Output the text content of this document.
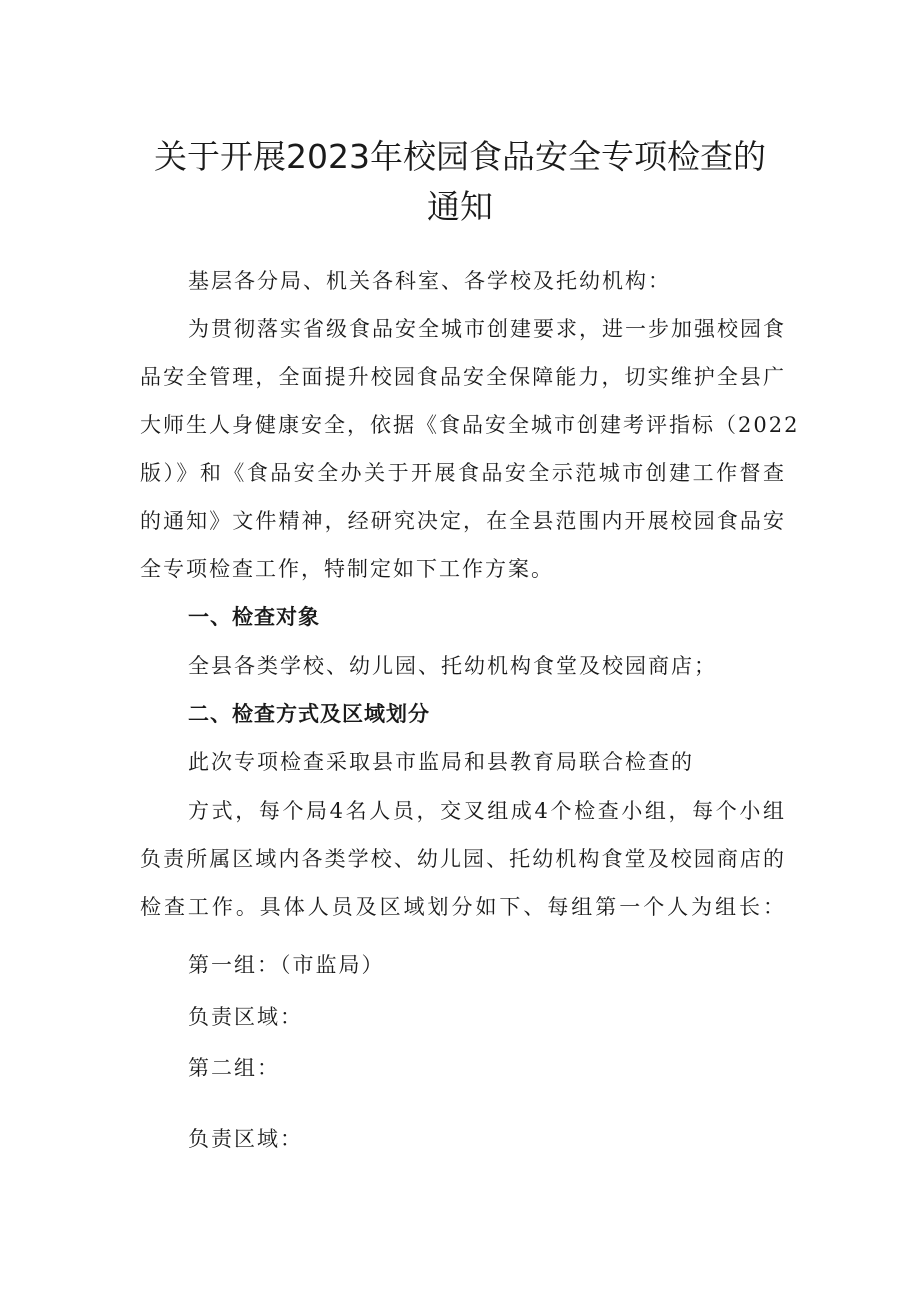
关于开展2023年校园食品安全专项检查的
通知

基层各分局、机关各科室、各学校及托幼机构：

为贯彻落实省级食品安全城市创建要求，进一步加强校园食

品安全管理，全面提升校园食品安全保障能力，切实维护全县广

大师生人身健康安全，依据《食品安全城市创建考评指标（2022

版）》和《食品安全办关于开展食品安全示范城市创建工作督查

的通知》文件精神，经研究决定，在全县范围内开展校园食品安

全专项检查工作，特制定如下工作方案。

一、检查对象

全县各类学校、幼儿园、托幼机构食堂及校园商店；

二、检查方式及区域划分

此次专项检查采取县市监局和县教育局联合检查的

方式，每个局4名人员，交叉组成4个检查小组，每个小组

负责所属区域内各类学校、幼儿园、托幼机构食堂及校园商店的

检查工作。具体人员及区域划分如下、每组第一个人为组长：

第一组：（市监局）

负责区域：

第二组：

负责区域：
